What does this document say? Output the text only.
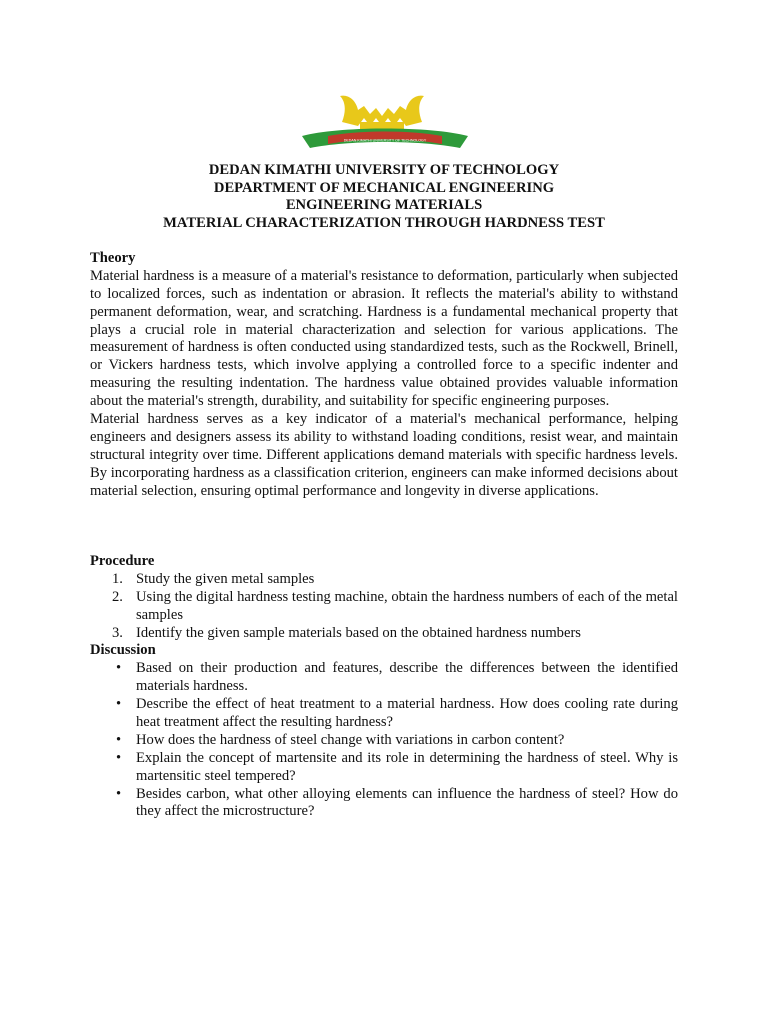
DEDAN KIMATHI UNIVERSITY OF TECHNOLOGY
DEDAN KIMATHI UNIVERSITY OF TECHNOLOGY
DEPARTMENT OF MECHANICAL ENGINEERING
ENGINEERING MATERIALS
MATERIAL CHARACTERIZATION THROUGH HARDNESS TEST
Theory

Material hardness is a measure of a material's resistance to deformation, particularly when subjected to localized forces, such as indentation or abrasion. It reflects the material's ability to withstand permanent deformation, wear, and scratching. Hardness is a fundamental mechanical property that plays a crucial role in material characterization and selection for various applications. The measurement of hardness is often conducted using standardized tests, such as the Rockwell, Brinell, or Vickers hardness tests, which involve applying a controlled force to a specific indenter and measuring the resulting indentation. The hardness value obtained provides valuable information about the material's strength, durability, and suitability for specific engineering purposes.

Material hardness serves as a key indicator of a material's mechanical performance, helping engineers and designers assess its ability to withstand loading conditions, resist wear, and maintain structural integrity over time. Different applications demand materials with specific hardness levels. By incorporating hardness as a classification criterion, engineers can make informed decisions about material selection, ensuring optimal performance and longevity in diverse applications.

Procedure
1. Study the given metal samples
2. Using the digital hardness testing machine, obtain the hardness numbers of each of the metal samples
3. Identify the given sample materials based on the obtained hardness numbers
Discussion
• Based on their production and features, describe the differences between the identified materials hardness.
• Describe the effect of heat treatment to a material hardness. How does cooling rate during heat treatment affect the resulting hardness?
• How does the hardness of steel change with variations in carbon content?
• Explain the concept of martensite and its role in determining the hardness of steel. Why is martensitic steel tempered?
• Besides carbon, what other alloying elements can influence the hardness of steel? How do they affect the microstructure?
